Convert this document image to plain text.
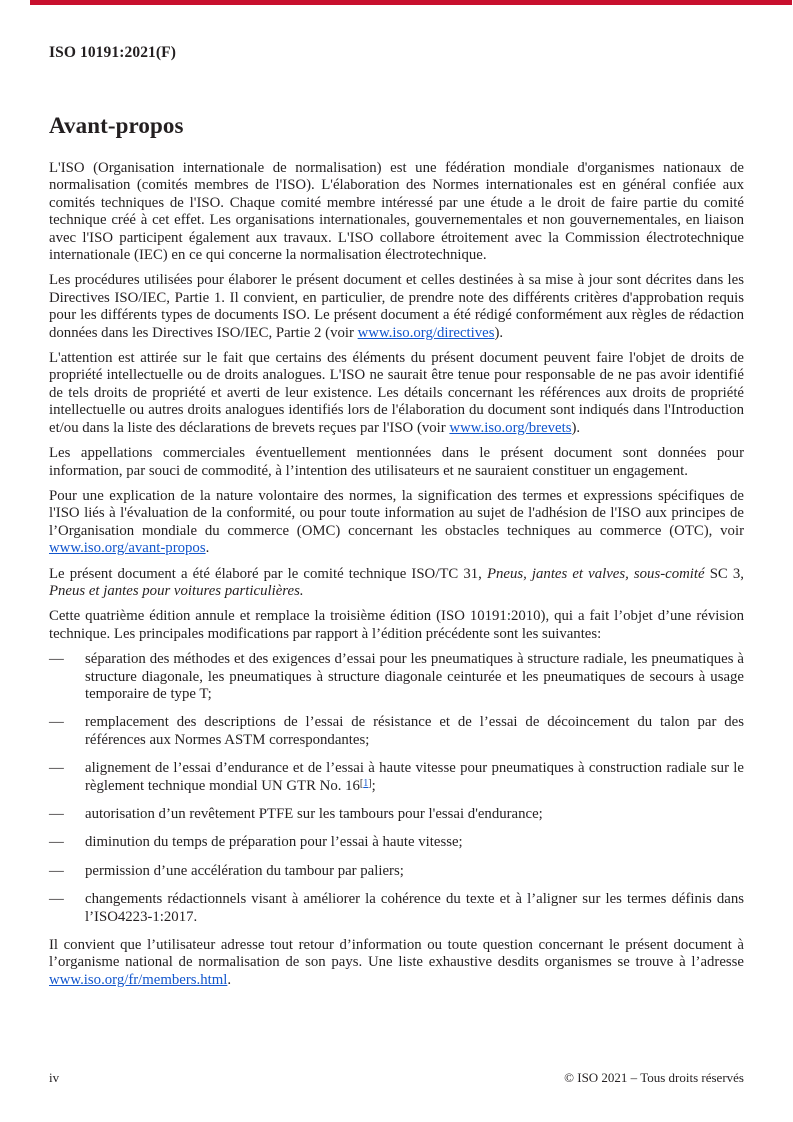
ISO 10191:2021(F)
Avant-propos

L'ISO (Organisation internationale de normalisation) est une fédération mondiale d'organismes nationaux de normalisation (comités membres de l'ISO). L'élaboration des Normes internationales est en général confiée aux comités techniques de l'ISO. Chaque comité membre intéressé par une étude a le droit de faire partie du comité technique créé à cet effet. Les organisations internationales, gouvernementales et non gouvernementales, en liaison avec l'ISO participent également aux travaux. L'ISO collabore étroitement avec la Commission électrotechnique internationale (IEC) en ce qui concerne la normalisation électrotechnique.

Les procédures utilisées pour élaborer le présent document et celles destinées à sa mise à jour sont décrites dans les Directives ISO/IEC, Partie 1. Il convient, en particulier, de prendre note des différents critères d'approbation requis pour les différents types de documents ISO. Le présent document a été rédigé conformément aux règles de rédaction données dans les Directives ISO/IEC, Partie 2 (voir www​.iso.org/directives).

L'attention est attirée sur le fait que certains des éléments du présent document peuvent faire l'objet de droits de propriété intellectuelle ou de droits analogues. L'ISO ne saurait être tenue pour responsable de ne pas avoir identifié de tels droits de propriété et averti de leur existence. Les détails concernant les références aux droits de propriété intellectuelle ou autres droits analogues identifiés lors de l'élaboration du document sont indiqués dans l'Introduction et/ou dans la liste des déclarations de brevets reçues par l'ISO (voir www.iso.org/brevets).

Les appellations commerciales éventuellement mentionnées dans le présent document sont données pour information, par souci de commodité, à l’intention des utilisateurs et ne sauraient constituer un engagement.

Pour une explication de la nature volontaire des normes, la signification des termes et expressions spécifiques de l'ISO liés à l'évaluation de la conformité, ou pour toute information au sujet de l'adhésion de l'ISO aux principes de l’Organisation mondiale du commerce (OMC) concernant les obstacles techniques au commerce (OTC), voir www.iso.org/avant-propos.

Le présent document a été élaboré par le comité technique ISO/TC 31, Pneus, jantes et valves, sous-comité SC 3, Pneus et jantes pour voitures particulières.

Cette quatrième édition annule et remplace la troisième édition (ISO 10191:2010), qui a fait l’objet d’une révision technique. Les principales modifications par rapport à l’édition précédente sont les suivantes:

—	séparation des méthodes et des exigences d’essai pour les pneumatiques à structure radiale, les pneumatiques à structure diagonale, les pneumatiques à structure diagonale ceinturée et les pneumatiques de secours à usage temporaire de type T;
—	remplacement des descriptions de l’essai de résistance et de l’essai de décoincement du talon par des références aux Normes ASTM correspondantes;
—	alignement de l’essai d’endurance et de l’essai à haute vitesse pour pneumatiques à construction radiale sur le règlement technique mondial UN GTR No. 16[1];
—	autorisation d’un revêtement PTFE sur les tambours pour l'essai d'endurance;
—	diminution du temps de préparation pour l’essai à haute vitesse;
—	permission d’une accélération du tambour par paliers;
—	changements rédactionnels visant à améliorer la cohérence du texte et à l’aligner sur les termes définis dans l’ISO4223-1:2017.

Il convient que l’utilisateur adresse tout retour d’information ou toute question concernant le présent document à l’organisme national de normalisation de son pays. Une liste exhaustive desdits organismes se trouve à l’adresse www.iso.org/fr/members.html.

iv	© ISO 2021 – Tous droits réservés
